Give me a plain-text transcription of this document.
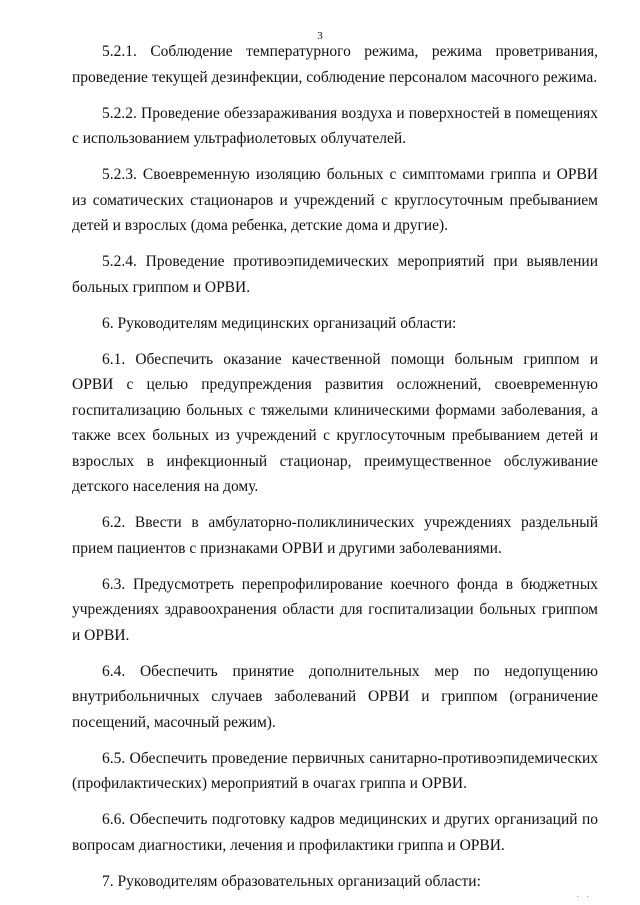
3

5.2.1. Соблюдение температурного режима, режима проветривания, проведение текущей дезинфекции, соблюдение персоналом масочного режима.

5.2.2. Проведение обеззараживания воздуха и поверхностей в помещениях с использованием ультрафиолетовых облучателей.

5.2.3. Своевременную изоляцию больных с симптомами гриппа и ОРВИ из соматических стационаров и учреждений с круглосуточным пребыванием детей и взрослых (дома ребенка, детские дома и другие).

5.2.4. Проведение противоэпидемических мероприятий при выявлении больных гриппом и ОРВИ.

6. Руководителям медицинских организаций области:

6.1. Обеспечить оказание качественной помощи больным гриппом и ОРВИ с целью предупреждения развития осложнений, своевременную госпитализацию больных с тяжелыми клиническими формами заболевания, а также всех больных из учреждений с круглосуточным пребыванием детей и взрослых в инфекционный стационар, преимущественное обслуживание детского населения на дому.

6.2. Ввести в амбулаторно-поликлинических учреждениях раздельный прием пациентов с признаками ОРВИ и другими заболеваниями.

6.3. Предусмотреть перепрофилирование коечного фонда в бюджетных учреждениях здравоохранения области для госпитализации больных гриппом и ОРВИ.

6.4. Обеспечить принятие дополнительных мер по недопущению внутрибольничных случаев заболеваний ОРВИ и гриппом (ограничение посещений, масочный режим).

6.5. Обеспечить проведение первичных санитарно-противоэпидемических (профилактических) мероприятий в очагах гриппа и ОРВИ.

6.6. Обеспечить подготовку кадров медицинских и других организаций по вопросам диагностики, лечения и профилактики гриппа и ОРВИ.

7. Руководителям образовательных организаций области:

· ·
